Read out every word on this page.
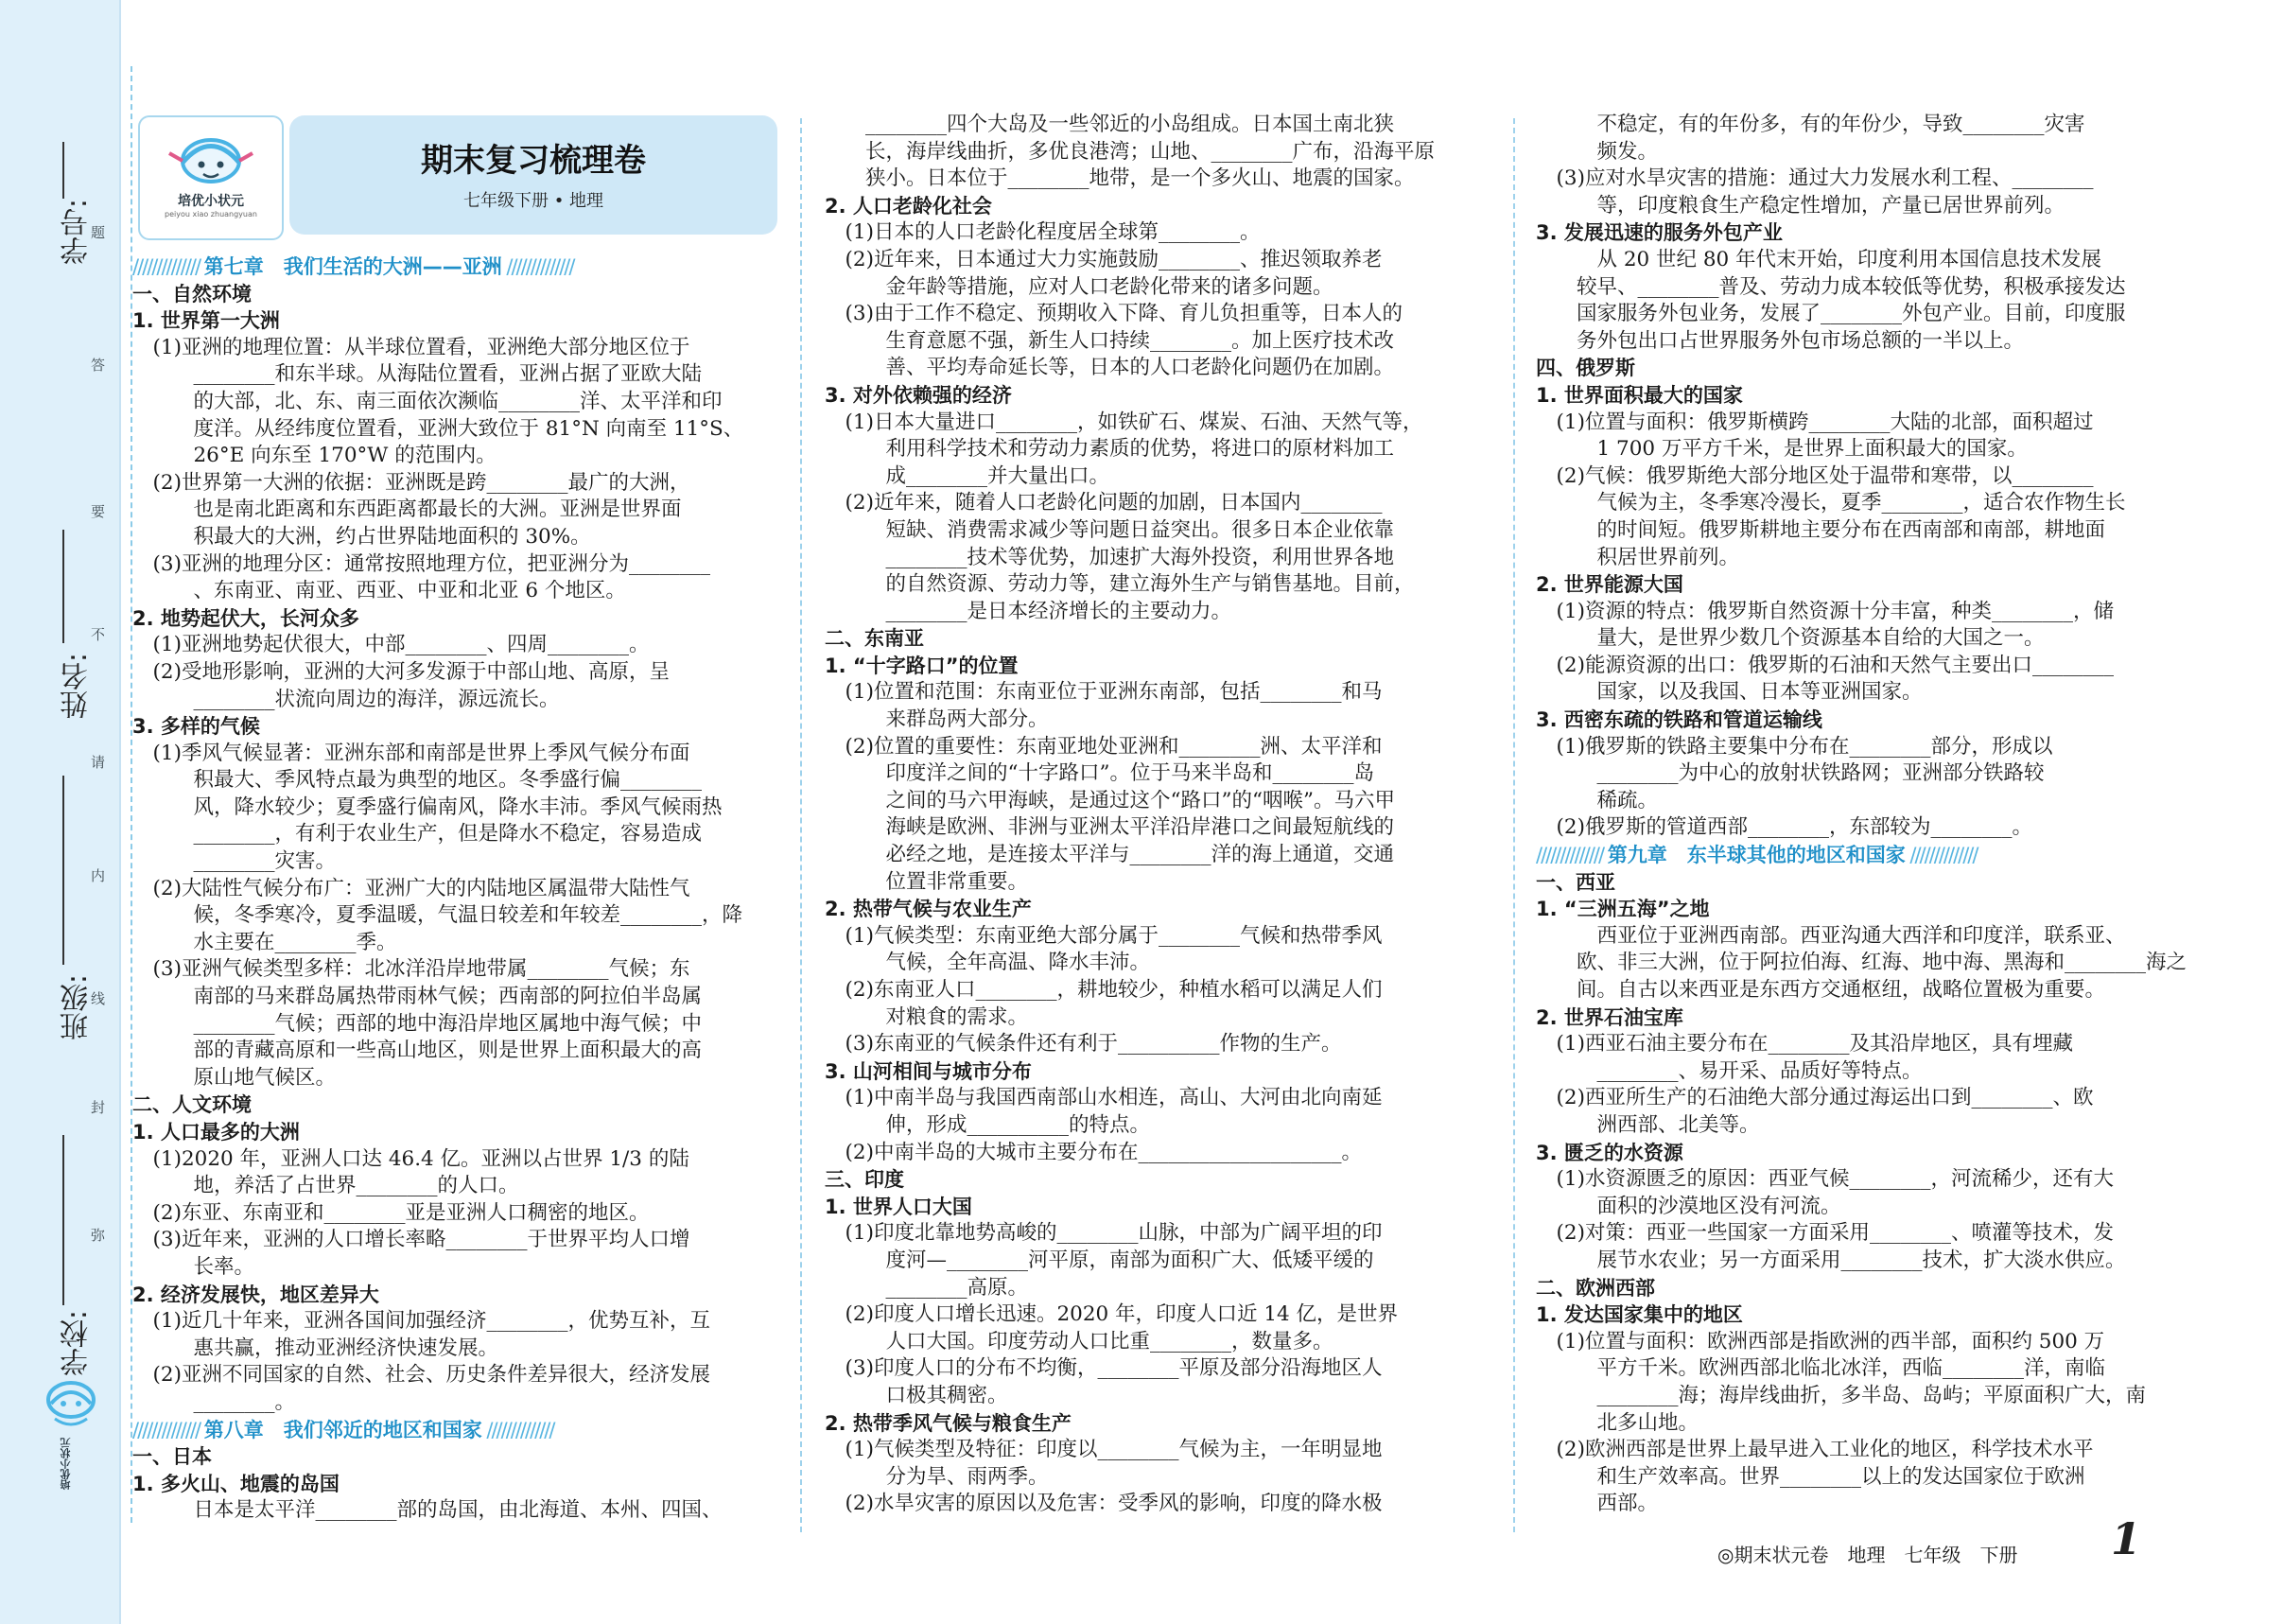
学号:
姓名:
班级:
学校:
题
答
要
不
请
内
线
封
弥
培优小状元
培优小状元
peiyou xiao zhuangyuan
期末复习梳理卷
七年级下册 • 地理
////////////// 第七章　我们生活的大洲——亚洲 //////////////
一、自然环境
1. 世界第一大洲
　(1)亚洲的地理位置：从半球位置看，亚洲绝大部分地区位于
　　　________和东半球。从海陆位置看，亚洲占据了亚欧大陆
　　　的大部，北、东、南三面依次濒临________洋、太平洋和印
　　　度洋。从经纬度位置看，亚洲大致位于 81°N 向南至 11°S、
　　　26°E 向东至 170°W 的范围内。
　(2)世界第一大洲的依据：亚洲既是跨________最广的大洲，
　　　也是南北距离和东西距离都最长的大洲。亚洲是世界面
　　　积最大的大洲，约占世界陆地面积的 30%。
　(3)亚洲的地理分区：通常按照地理方位，把亚洲分为________
　　　、东南亚、南亚、西亚、中亚和北亚 6 个地区。
2. 地势起伏大，长河众多
　(1)亚洲地势起伏很大，中部________、四周________。
　(2)受地形影响，亚洲的大河多发源于中部山地、高原，呈
　　　________状流向周边的海洋，源远流长。
3. 多样的气候
　(1)季风气候显著：亚洲东部和南部是世界上季风气候分布面
　　　积最大、季风特点最为典型的地区。冬季盛行偏________
　　　风，降水较少；夏季盛行偏南风，降水丰沛。季风气候雨热
　　　________，有利于农业生产，但是降水不稳定，容易造成
　　　________灾害。
　(2)大陆性气候分布广：亚洲广大的内陆地区属温带大陆性气
　　　候，冬季寒冷，夏季温暖，气温日较差和年较差________，降
　　　水主要在________季。
　(3)亚洲气候类型多样：北冰洋沿岸地带属________气候；东
　　　南部的马来群岛属热带雨林气候；西南部的阿拉伯半岛属
　　　________气候；西部的地中海沿岸地区属地中海气候；中
　　　部的青藏高原和一些高山地区，则是世界上面积最大的高
　　　原山地气候区。
二、人文环境
1. 人口最多的大洲
　(1)2020 年，亚洲人口达 46.4 亿。亚洲以占世界 1/3 的陆
　　　地，养活了占世界________的人口。
　(2)东亚、东南亚和________亚是亚洲人口稠密的地区。
　(3)近年来，亚洲的人口增长率略________于世界平均人口增
　　　长率。
2. 经济发展快，地区差异大
　(1)近几十年来，亚洲各国间加强经济________，优势互补，互
　　　惠共赢，推动亚洲经济快速发展。
　(2)亚洲不同国家的自然、社会、历史条件差异很大，经济发展
　　　________。
////////////// 第八章　我们邻近的地区和国家 //////////////
一、日本
1. 多火山、地震的岛国
　　　日本是太平洋________部的岛国，由北海道、本州、四国、
　　________四个大岛及一些邻近的小岛组成。日本国土南北狭
　　长，海岸线曲折，多优良港湾；山地、________广布，沿海平原
　　狭小。日本位于________地带，是一个多火山、地震的国家。
2. 人口老龄化社会
　(1)日本的人口老龄化程度居全球第________。
　(2)近年来，日本通过大力实施鼓励________、推迟领取养老
　　　金年龄等措施，应对人口老龄化带来的诸多问题。
　(3)由于工作不稳定、预期收入下降、育儿负担重等，日本人的
　　　生育意愿不强，新生人口持续________。加上医疗技术改
　　　善、平均寿命延长等，日本的人口老龄化问题仍在加剧。
3. 对外依赖强的经济
　(1)日本大量进口________，如铁矿石、煤炭、石油、天然气等，
　　　利用科学技术和劳动力素质的优势，将进口的原材料加工
　　　成________并大量出口。
　(2)近年来，随着人口老龄化问题的加剧，日本国内________
　　　短缺、消费需求减少等问题日益突出。很多日本企业依靠
　　　________技术等优势，加速扩大海外投资，利用世界各地
　　　的自然资源、劳动力等，建立海外生产与销售基地。目前，
　　　________是日本经济增长的主要动力。
二、东南亚
1. “十字路口”的位置
　(1)位置和范围：东南亚位于亚洲东南部，包括________和马
　　　来群岛两大部分。
　(2)位置的重要性：东南亚地处亚洲和________洲、太平洋和
　　　印度洋之间的“十字路口”。位于马来半岛和________岛
　　　之间的马六甲海峡，是通过这个“路口”的“咽喉”。马六甲
　　　海峡是欧洲、非洲与亚洲太平洋沿岸港口之间最短航线的
　　　必经之地，是连接太平洋与________洋的海上通道，交通
　　　位置非常重要。
2. 热带气候与农业生产
　(1)气候类型：东南亚绝大部分属于________气候和热带季风
　　　气候，全年高温、降水丰沛。
　(2)东南亚人口________，耕地较少，种植水稻可以满足人们
　　　对粮食的需求。
　(3)东南亚的气候条件还有利于__________作物的生产。
3. 山河相间与城市分布
　(1)中南半岛与我国西南部山水相连，高山、大河由北向南延
　　　伸，形成__________的特点。
　(2)中南半岛的大城市主要分布在____________________。
三、印度
1. 世界人口大国
　(1)印度北靠地势高峻的________山脉，中部为广阔平坦的印
　　　度河—________河平原，南部为面积广大、低矮平缓的
　　　________高原。
　(2)印度人口增长迅速。2020 年，印度人口近 14 亿，是世界
　　　人口大国。印度劳动人口比重________，数量多。
　(3)印度人口的分布不均衡，________平原及部分沿海地区人
　　　口极其稠密。
2. 热带季风气候与粮食生产
　(1)气候类型及特征：印度以________气候为主，一年明显地
　　　分为旱、雨两季。
　(2)水旱灾害的原因以及危害：受季风的影响，印度的降水极
　　　不稳定，有的年份多，有的年份少，导致________灾害
　　　频发。
　(3)应对水旱灾害的措施：通过大力发展水利工程、________
　　　等，印度粮食生产稳定性增加，产量已居世界前列。
3. 发展迅速的服务外包产业
　　　从 20 世纪 80 年代末开始，印度利用本国信息技术发展
　　较早、________普及、劳动力成本较低等优势，积极承接发达
　　国家服务外包业务，发展了________外包产业。目前，印度服
　　务外包出口占世界服务外包市场总额的一半以上。
四、俄罗斯
1. 世界面积最大的国家
　(1)位置与面积：俄罗斯横跨________大陆的北部，面积超过
　　　1 700 万平方千米，是世界上面积最大的国家。
　(2)气候：俄罗斯绝大部分地区处于温带和寒带，以________
　　　气候为主，冬季寒冷漫长，夏季________，适合农作物生长
　　　的时间短。俄罗斯耕地主要分布在西南部和南部，耕地面
　　　积居世界前列。
2. 世界能源大国
　(1)资源的特点：俄罗斯自然资源十分丰富，种类________，储
　　　量大，是世界少数几个资源基本自给的大国之一。
　(2)能源资源的出口：俄罗斯的石油和天然气主要出口________
　　　国家，以及我国、日本等亚洲国家。
3. 西密东疏的铁路和管道运输线
　(1)俄罗斯的铁路主要集中分布在________部分，形成以
　　　________为中心的放射状铁路网；亚洲部分铁路较
　　　稀疏。
　(2)俄罗斯的管道西部________，东部较为________。
////////////// 第九章　东半球其他的地区和国家 //////////////
一、西亚
1. “三洲五海”之地
　　　西亚位于亚洲西南部。西亚沟通大西洋和印度洋，联系亚、
　　欧、非三大洲，位于阿拉伯海、红海、地中海、黑海和________海之
　　间。自古以来西亚是东西方交通枢纽，战略位置极为重要。
2. 世界石油宝库
　(1)西亚石油主要分布在________及其沿岸地区，具有埋藏
　　　________、易开采、品质好等特点。
　(2)西亚所生产的石油绝大部分通过海运出口到________、欧
　　　洲西部、北美等。
3. 匮乏的水资源
　(1)水资源匮乏的原因：西亚气候________，河流稀少，还有大
　　　面积的沙漠地区没有河流。
　(2)对策：西亚一些国家一方面采用________、喷灌等技术，发
　　　展节水农业；另一方面采用________技术，扩大淡水供应。
二、欧洲西部
1. 发达国家集中的地区
　(1)位置与面积：欧洲西部是指欧洲的西半部，面积约 500 万
　　　平方千米。欧洲西部北临北冰洋，西临________洋，南临
　　　________海；海岸线曲折，多半岛、岛屿；平原面积广大，南
　　　北多山地。
　(2)欧洲西部是世界上最早进入工业化的地区，科学技术水平
　　　和生产效率高。世界________以上的发达国家位于欧洲
　　　西部。
◎期末状元卷　地理　七年级　下册 1
